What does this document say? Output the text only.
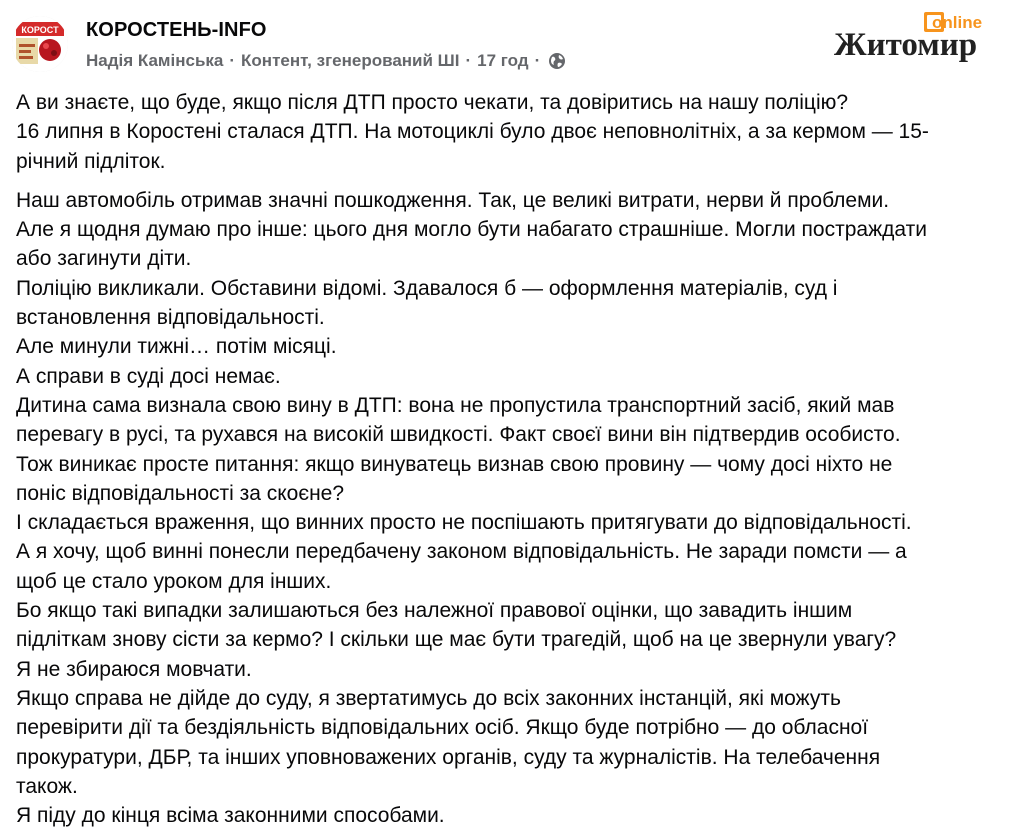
КОРОСТ КОРОСТЕНЬ-INFO
Надія Камінська · Контент, згенерований ШІ · 17 год ·
online
Житомир

А ви знаєте, що буде, якщо після ДТП просто чекати, та довіритись на нашу поліцію?

16 липня в Коростені сталася ДТП. На мотоциклі було двоє неповнолітніх, а за кермом — 15-

річний підліток.

Наш автомобіль отримав значні пошкодження. Так, це великі витрати, нерви й проблеми.

Але я щодня думаю про інше: цього дня могло бути набагато страшніше. Могли постраждати

або загинути діти.

Поліцію викликали. Обставини відомі. Здавалося б — оформлення матеріалів, суд і

встановлення відповідальності.

Але минули тижні… потім місяці.

А справи в суді досі немає.

Дитина сама визнала свою вину в ДТП: вона не пропустила транспортний засіб, який мав

перевагу в русі, та рухався на високій швидкості. Факт своєї вини він підтвердив особисто.

Тож виникає просте питання: якщо винуватець визнав свою провину — чому досі ніхто не

поніс відповідальності за скоєне?

І складається враження, що винних просто не поспішають притягувати до відповідальності.

А я хочу, щоб винні понесли передбачену законом відповідальність. Не заради помсти — а

щоб це стало уроком для інших.

Бо якщо такі випадки залишаються без належної правової оцінки, що завадить іншим

підліткам знову сісти за кермо? І скільки ще має бути трагедій, щоб на це звернули увагу?

Я не збираюся мовчати.

Якщо справа не дійде до суду, я звертатимусь до всіх законних інстанцій, які можуть

перевірити дії та бездіяльність відповідальних осіб. Якщо буде потрібно — до обласної

прокуратури, ДБР, та інших уповноважених органів, суду та журналістів. На телебачення

також.

Я піду до кінця всіма законними способами.
